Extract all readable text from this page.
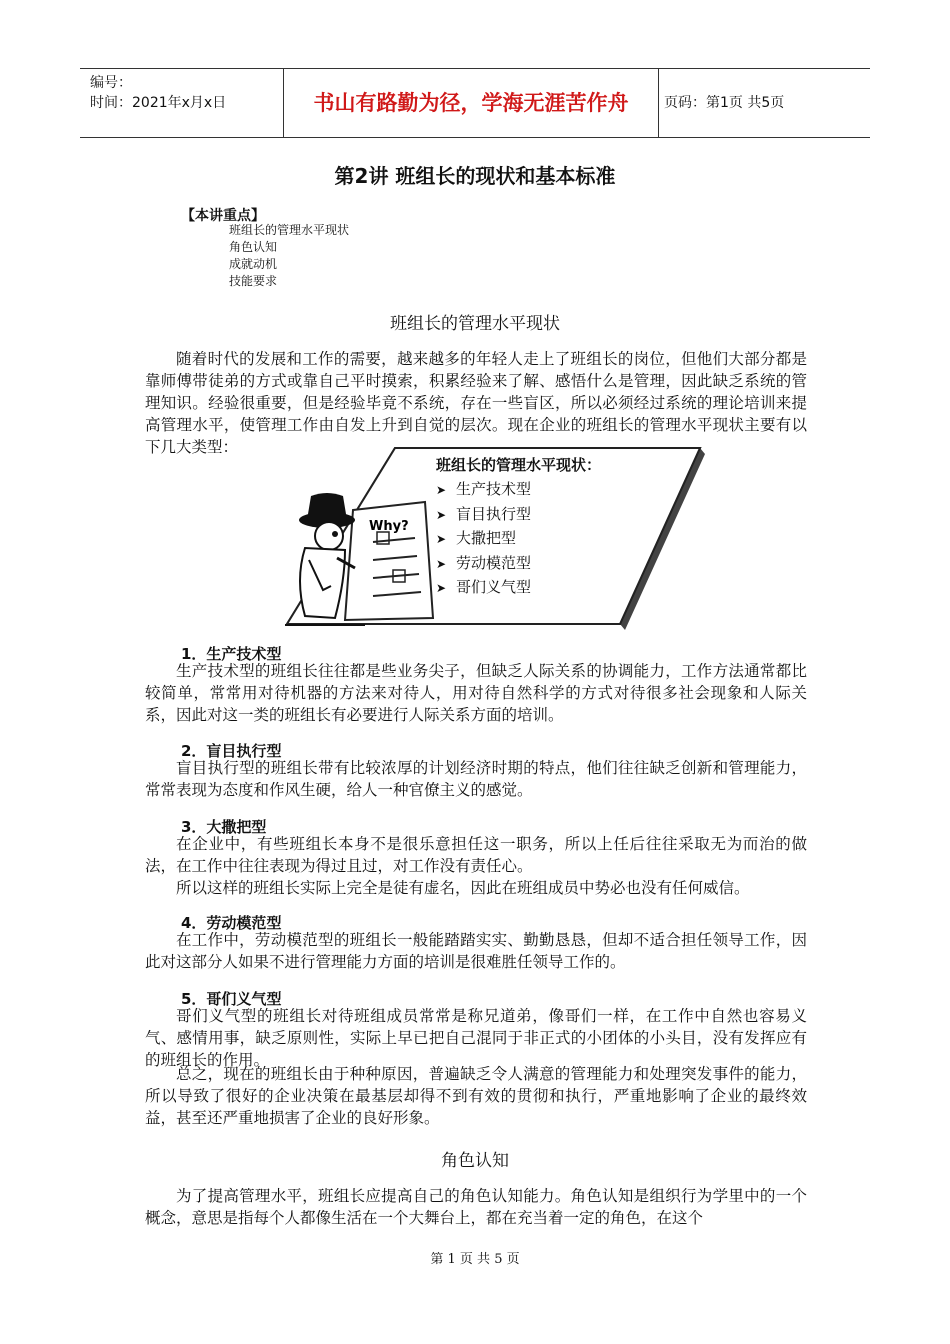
编号：
时间：2021年x月x日	书山有路勤为径，学海无涯苦作舟	页码：第1页 共5页
第2讲 班组长的现状和基本标准
【本讲重点】
班组长的管理水平现状
角色认知
成就动机
技能要求
班组长的管理水平现状

随着时代的发展和工作的需要，越来越多的年轻人走上了班组长的岗位，但他们大部分都是靠师傅带徒弟的方式或靠自己平时摸索，积累经验来了解、感悟什么是管理，因此缺乏系统的管理知识。经验很重要，但是经验毕竟不系统，存在一些盲区，所以必须经过系统的理论培训来提高管理水平，使管理工作由自发上升到自觉的层次。现在企业的班组长的管理水平现状主要有以下几大类型：

Why?
班组长的管理水平现状：
➤ 生产技术型
➤ 盲目执行型
➤ 大撒把型
➤ 劳动模范型
➤ 哥们义气型
1．生产技术型

生产技术型的班组长往往都是些业务尖子，但缺乏人际关系的协调能力，工作方法通常都比较简单，常常用对待机器的方法来对待人，用对待自然科学的方式对待很多社会现象和人际关系，因此对这一类的班组长有必要进行人际关系方面的培训。

2．盲目执行型

盲目执行型的班组长带有比较浓厚的计划经济时期的特点，他们往往缺乏创新和管理能力，常常表现为态度和作风生硬，给人一种官僚主义的感觉。

3．大撒把型

在企业中，有些班组长本身不是很乐意担任这一职务，所以上任后往往采取无为而治的做法，在工作中往往表现为得过且过，对工作没有责任心。

所以这样的班组长实际上完全是徒有虚名，因此在班组成员中势必也没有任何威信。

4．劳动模范型

在工作中，劳动模范型的班组长一般能踏踏实实、勤勤恳恳，但却不适合担任领导工作，因此对这部分人如果不进行管理能力方面的培训是很难胜任领导工作的。

5．哥们义气型

哥们义气型的班组长对待班组成员常常是称兄道弟，像哥们一样，在工作中自然也容易义气、感情用事，缺乏原则性，实际上早已把自己混同于非正式的小团体的小头目，没有发挥应有的班组长的作用。

总之，现在的班组长由于种种原因，普遍缺乏令人满意的管理能力和处理突发事件的能力，所以导致了很好的企业决策在最基层却得不到有效的贯彻和执行，严重地影响了企业的最终效益，甚至还严重地损害了企业的良好形象。

角色认知

为了提高管理水平，班组长应提高自己的角色认知能力。角色认知是组织行为学里中的一个概念，意思是指每个人都像生活在一个大舞台上，都在充当着一定的角色，在这个

第 1 页 共 5 页
